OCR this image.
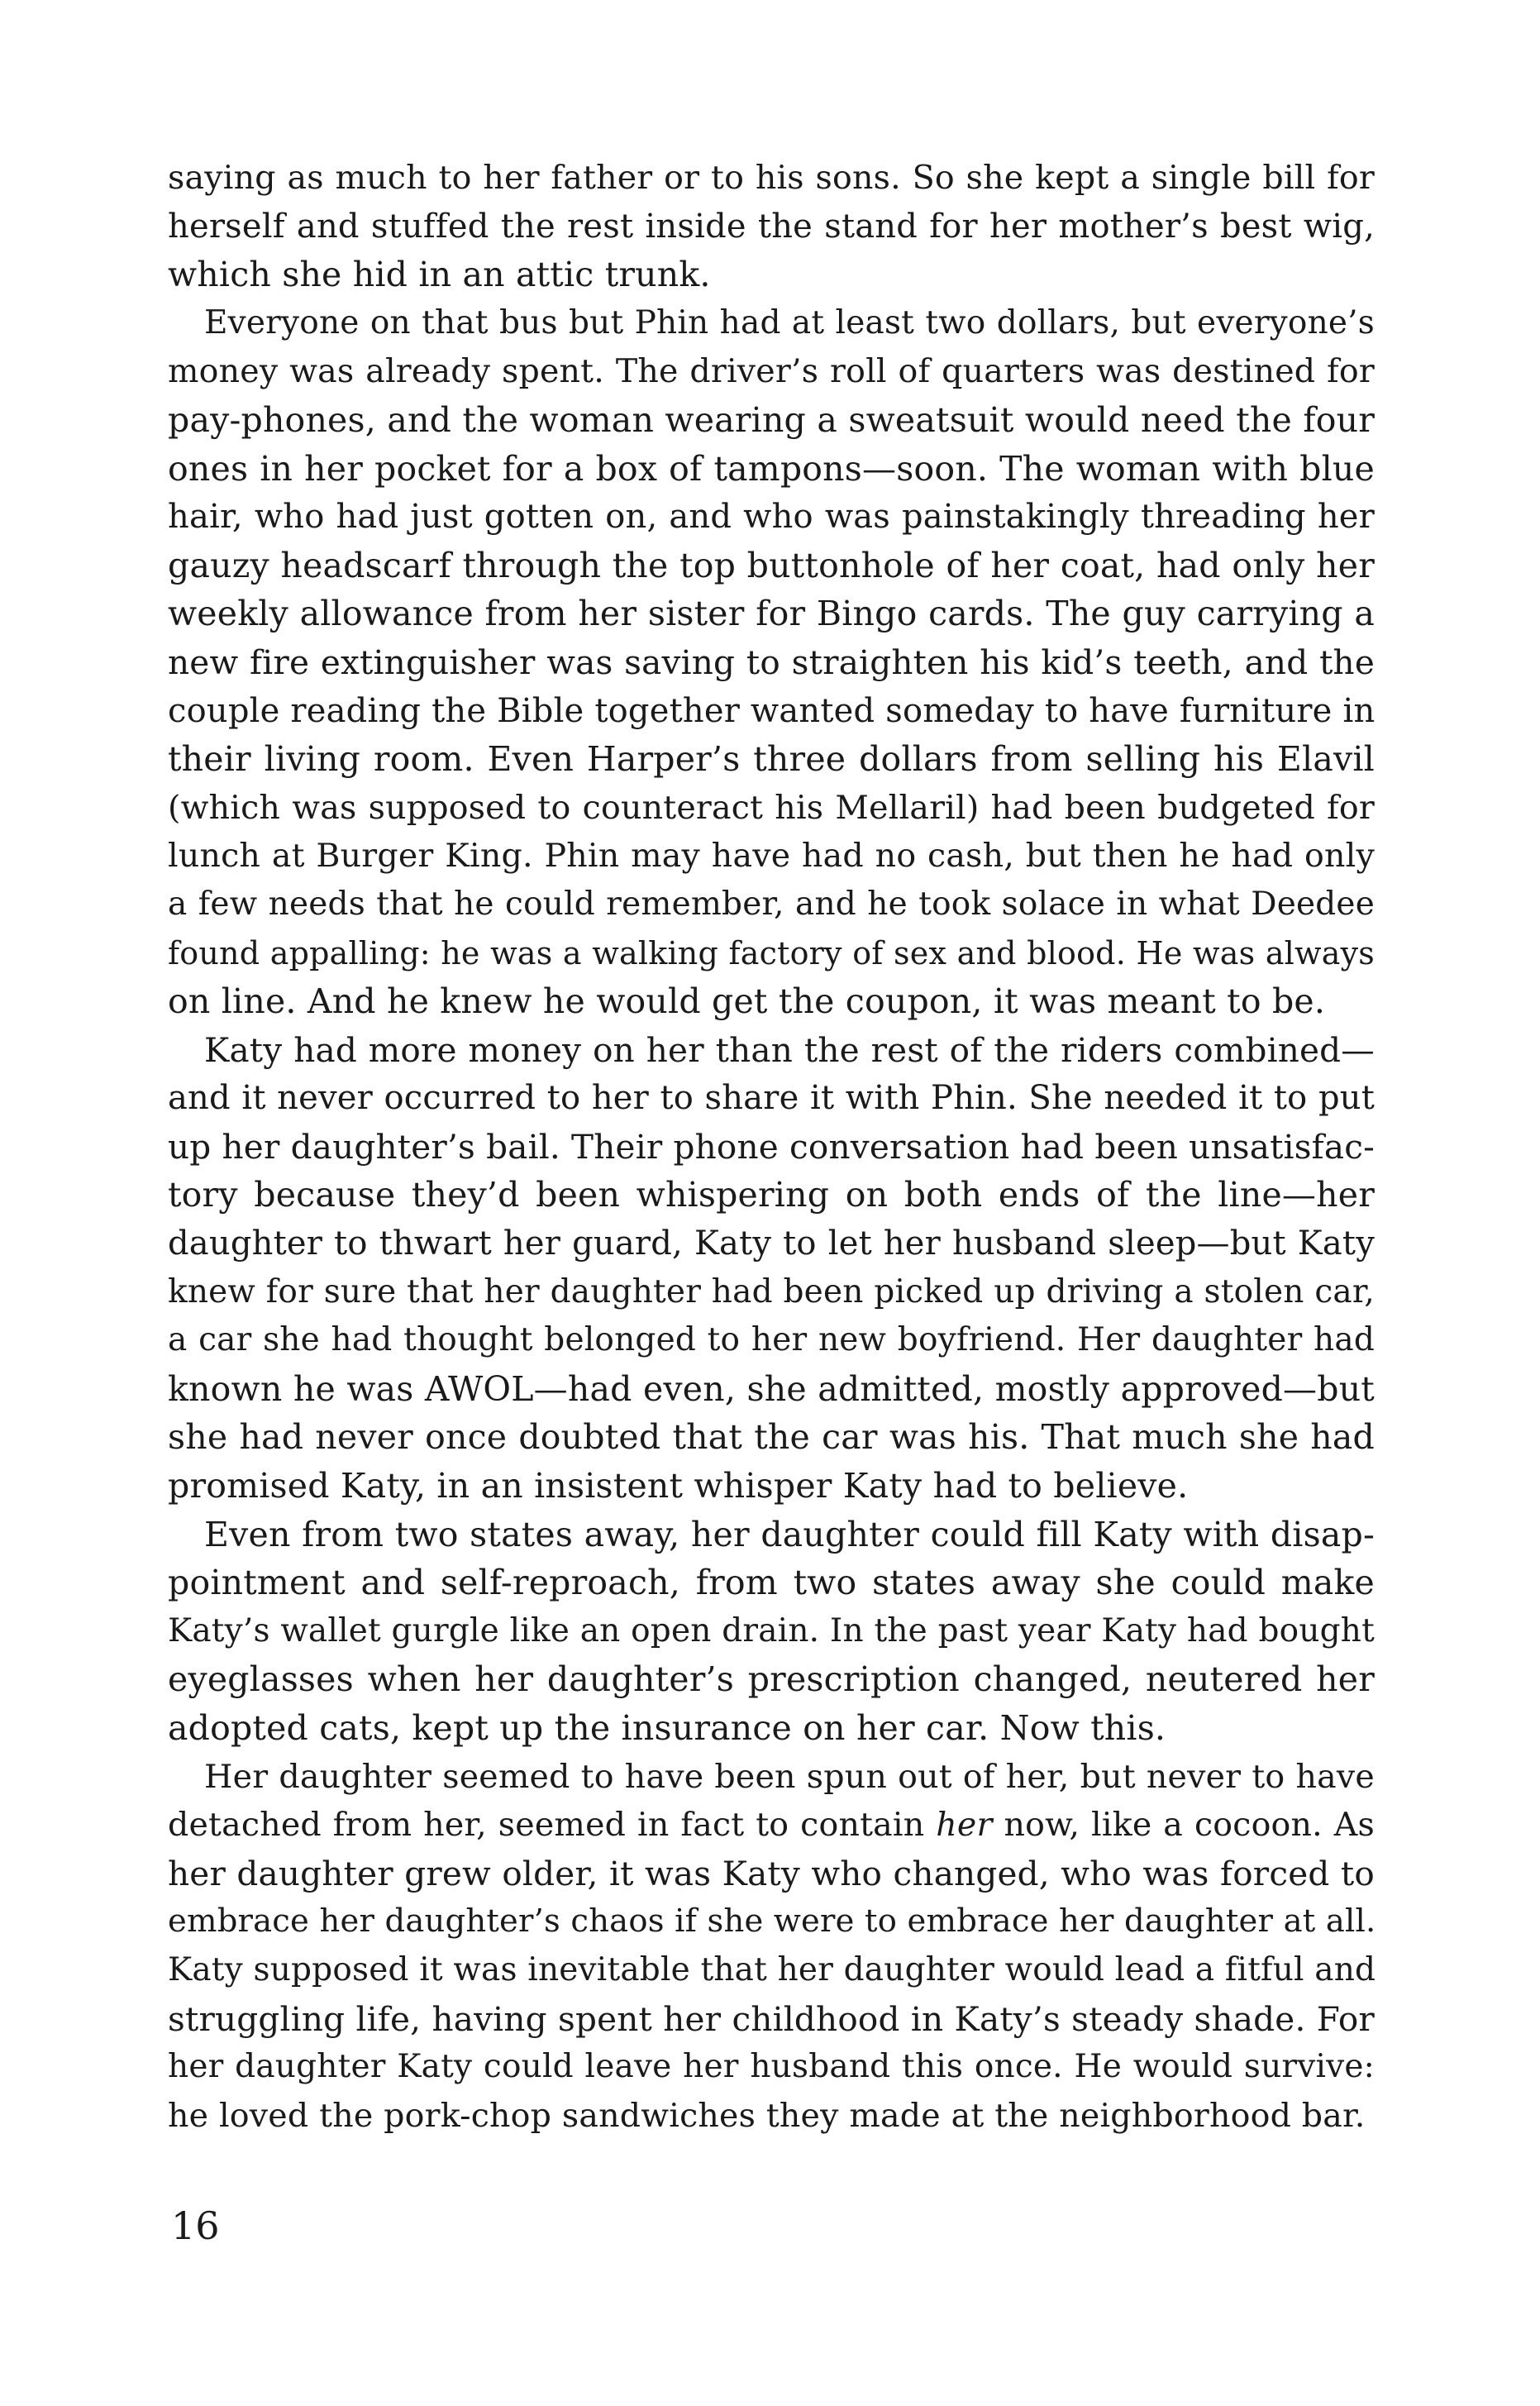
saying as much to her father or to his sons. So she kept a single bill for
herself and stuffed the rest inside the stand for her mother’s best wig,
which she hid in an attic trunk.
Everyone on that bus but Phin had at least two dollars, but everyone’s
money was already spent. The driver’s roll of quarters was destined for
pay-phones, and the woman wearing a sweatsuit would need the four
ones in her pocket for a box of tampons—soon. The woman with blue
hair, who had just gotten on, and who was painstakingly threading her
gauzy headscarf through the top buttonhole of her coat, had only her
weekly allowance from her sister for Bingo cards. The guy carrying a
new fire extinguisher was saving to straighten his kid’s teeth, and the
couple reading the Bible together wanted someday to have furniture in
their living room. Even Harper’s three dollars from selling his Elavil
(which was supposed to counteract his Mellaril) had been budgeted for
lunch at Burger King. Phin may have had no cash, but then he had only
a few needs that he could remember, and he took solace in what Deedee
found appalling: he was a walking factory of sex and blood. He was always
on line. And he knew he would get the coupon, it was meant to be.
Katy had more money on her than the rest of the riders combined—
and it never occurred to her to share it with Phin. She needed it to put
up her daughter’s bail. Their phone conversation had been unsatisfac-
tory because they’d been whispering on both ends of the line—her
daughter to thwart her guard, Katy to let her husband sleep—but Katy
knew for sure that her daughter had been picked up driving a stolen car,
a car she had thought belonged to her new boyfriend. Her daughter had
known he was AWOL—had even, she admitted, mostly approved—but
she had never once doubted that the car was his. That much she had
promised Katy, in an insistent whisper Katy had to believe.
Even from two states away, her daughter could fill Katy with disap-
pointment and self-reproach, from two states away she could make
Katy’s wallet gurgle like an open drain. In the past year Katy had bought
eyeglasses when her daughter’s prescription changed, neutered her
adopted cats, kept up the insurance on her car. Now this.
Her daughter seemed to have been spun out of her, but never to have
detached from her, seemed in fact to contain her now, like a cocoon. As
her daughter grew older, it was Katy who changed, who was forced to
embrace her daughter’s chaos if she were to embrace her daughter at all.
Katy supposed it was inevitable that her daughter would lead a fitful and
struggling life, having spent her childhood in Katy’s steady shade. For
her daughter Katy could leave her husband this once. He would survive:
he loved the pork-chop sandwiches they made at the neighborhood bar.
16
